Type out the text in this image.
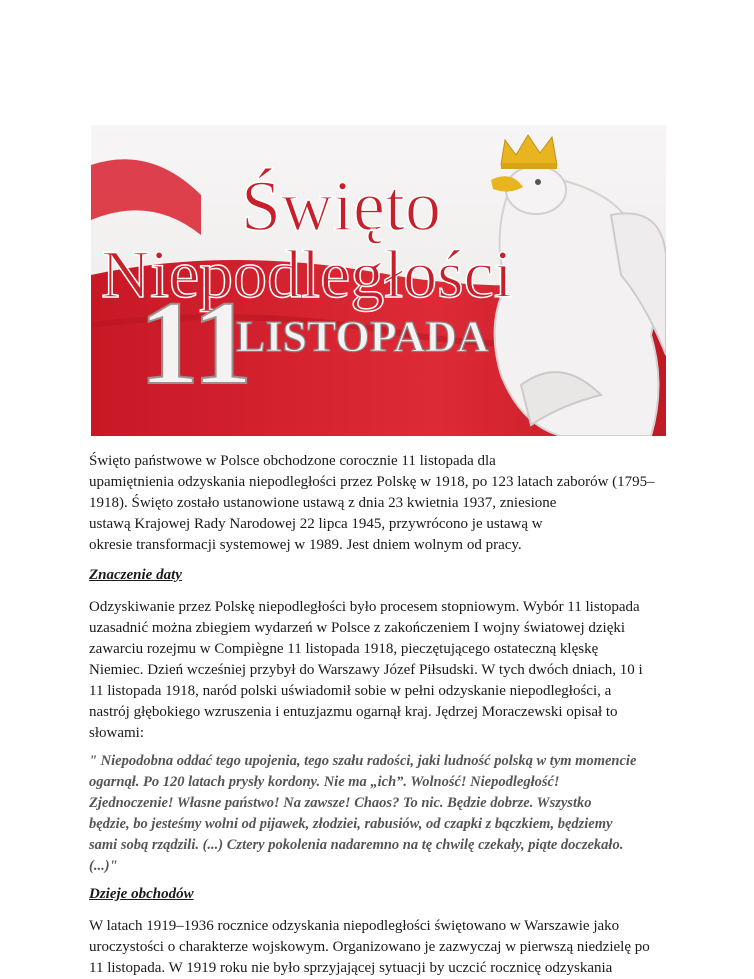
Święto
Niepodległości
11
LISTOPADA
Święto państwowe w Polsce obchodzone corocznie 11 listopada dla
upamiętnienia odzyskania niepodległości przez Polskę w 1918, po 123 latach zaborów (1795–
1918). Święto zostało ustanowione ustawą z dnia 23 kwietnia 1937, zniesione
ustawą Krajowej Rady Narodowej 22 lipca 1945, przywrócono je ustawą w
okresie transformacji systemowej w 1989. Jest dniem wolnym od pracy.
Znaczenie daty
Odzyskiwanie przez Polskę niepodległości było procesem stopniowym. Wybór 11 listopada
uzasadnić można zbiegiem wydarzeń w Polsce z zakończeniem I wojny światowej dzięki
zawarciu rozejmu w Compiègne 11 listopada 1918, pieczętującego ostateczną klęskę
Niemiec. Dzień wcześniej przybył do Warszawy Józef Piłsudski. W tych dwóch dniach, 10 i
11 listopada 1918, naród polski uświadomił sobie w pełni odzyskanie niepodległości, a
nastrój głębokiego wzruszenia i entuzjazmu ogarnął kraj. Jędrzej Moraczewski opisał to
słowami:
" Niepodobna oddać tego upojenia, tego szału radości, jaki ludność polską w tym momencie
ogarnął. Po 120 latach prysły kordony. Nie ma „ich”. Wolność! Niepodległość!
Zjednoczenie! Własne państwo! Na zawsze! Chaos? To nic. Będzie dobrze. Wszystko
będzie, bo jesteśmy wolni od pijawek, złodziei, rabusiów, od czapki z bączkiem, będziemy
sami sobą rządzili. (...) Cztery pokolenia nadaremno na tę chwilę czekały, piąte doczekało.
(...)"
Dzieje obchodów
W latach 1919–1936 rocznice odzyskania niepodległości świętowano w Warszawie jako
uroczystości o charakterze wojskowym. Organizowano je zazwyczaj w pierwszą niedzielę po
11 listopada. W 1919 roku nie było sprzyjającej sytuacji by uczcić rocznicę odzyskania
